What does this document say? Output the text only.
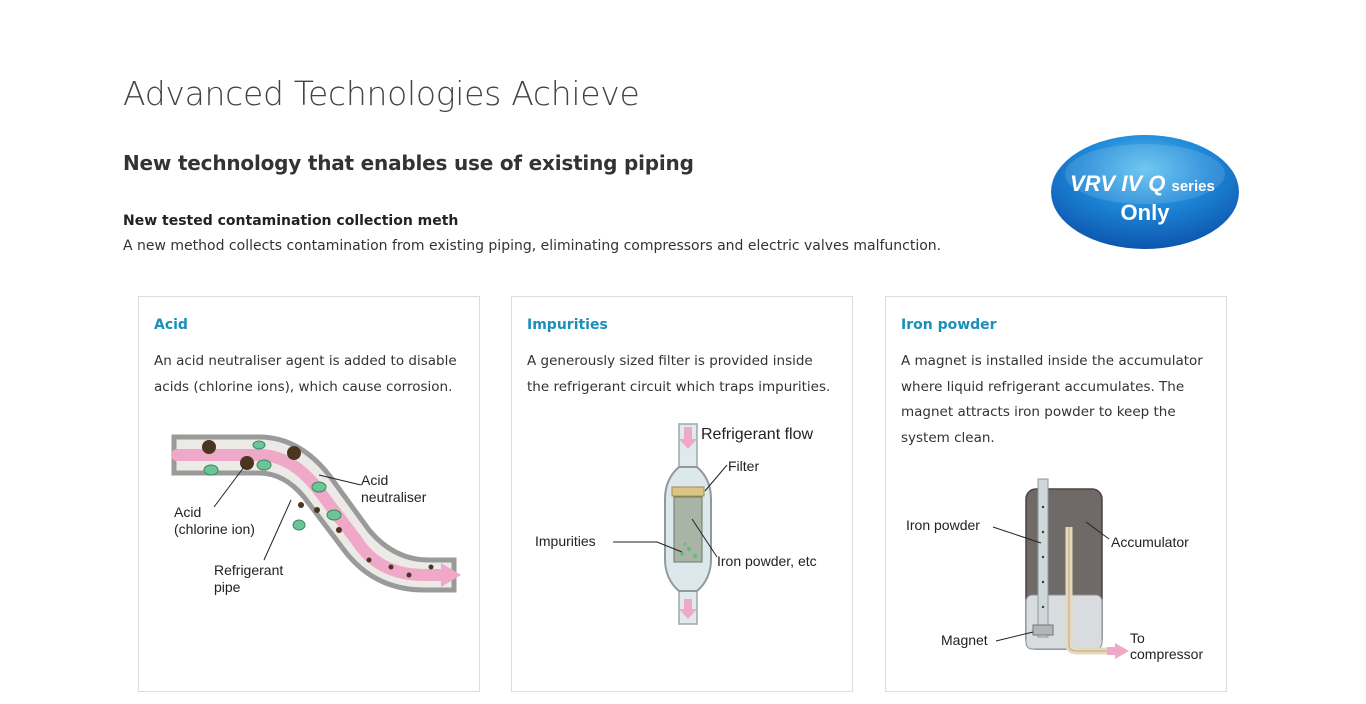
Advanced Technologies Achieve
New technology that enables use of existing piping
New tested contamination collection meth
A new method collects contamination from existing piping, eliminating compressors and electric valves malfunction.
VRV IV Q series
Only
Acid

An acid neutraliser agent is added to disable acids (chlorine ions), which cause corrosion.

Acid
neutraliser
Acid
(chlorine ion)
Refrigerant
pipe
Impurities

A generously sized filter is provided inside the refrigerant circuit which traps impurities.

Refrigerant flow
Filter
Impurities
Iron powder, etc
Iron powder

A magnet is installed inside the accumulator where liquid refrigerant accumulates. The magnet attracts iron powder to keep the system clean.

Iron powder
Accumulator
Magnet	To
compressor
